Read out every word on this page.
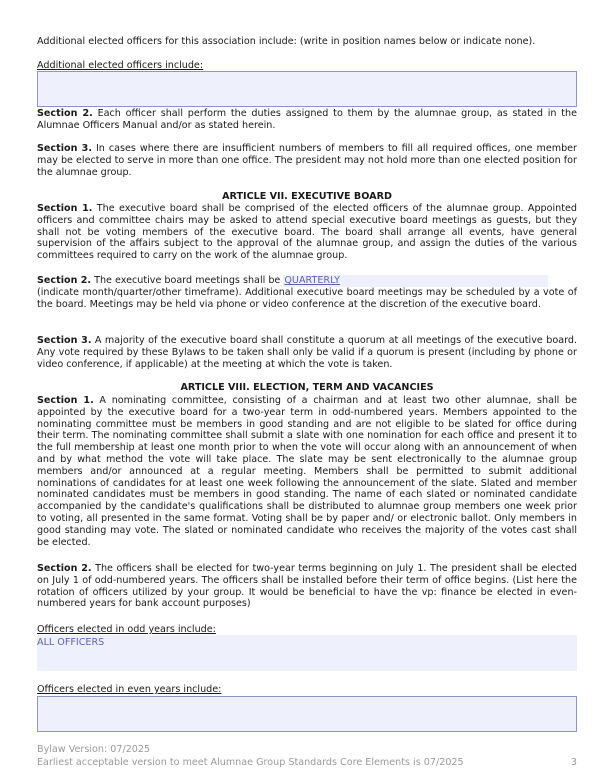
Additional elected officers for this association include: (write in position names below or indicate none).

Additional elected officers include:

Section 2. Each officer shall perform the duties assigned to them by the alumnae group, as stated in the Alumnae Officers Manual and/or as stated herein.

Section 3. In cases where there are insufficient numbers of members to fill all required offices, one member may be elected to serve in more than one office. The president may not hold more than one elected position for the alumnae group.

ARTICLE VII. EXECUTIVE BOARD

Section 1. The executive board shall be comprised of the elected officers of the alumnae group. Appointed officers and committee chairs may be asked to attend special executive board meetings as guests, but they shall not be voting members of the executive board. The board shall arrange all events, have general supervision of the affairs subject to the approval of the alumnae group, and assign the duties of the various committees required to carry on the work of the alumnae group.

Section 2. The executive board meetings shall be QUARTERLY
(indicate month/quarter/other timeframe). Additional executive board meetings may be scheduled by a vote of the board. Meetings may be held via phone or video conference at the discretion of the executive board.

Section 3. A majority of the executive board shall constitute a quorum at all meetings of the executive board. Any vote required by these Bylaws to be taken shall only be valid if a quorum is present (including by phone or video conference, if applicable) at the meeting at which the vote is taken.

ARTICLE VIII. ELECTION, TERM AND VACANCIES

Section 1. A nominating committee, consisting of a chairman and at least two other alumnae, shall be appointed by the executive board for a two-year term in odd-numbered years. Members appointed to the nominating committee must be members in good standing and are not eligible to be slated for office during their term. The nominating committee shall submit a slate with one nomination for each office and present it to the full membership at least one month prior to when the vote will occur along with an announcement of when and by what method the vote will take place. The slate may be sent electronically to the alumnae group members and/or announced at a regular meeting. Members shall be permitted to submit additional nominations of candidates for at least one week following the announcement of the slate. Slated and member nominated candidates must be members in good standing. The name of each slated or nominated candidate accompanied by the candidate's qualifications shall be distributed to alumnae group members one week prior to voting, all presented in the same format. Voting shall be by paper and/ or electronic ballot. Only members in good standing may vote. The slated or nominated candidate who receives the majority of the votes cast shall be elected.

Section 2. The officers shall be elected for two-year terms beginning on July 1. The president shall be elected on July 1 of odd-numbered years. The officers shall be installed before their term of office begins. (List here the rotation of officers utilized by your group. It would be beneficial to have the vp: finance be elected in even-numbered years for bank account purposes)

Officers elected in odd years include:

ALL OFFICERS

Officers elected in even years include:

Bylaw Version: 07/2025
Earliest acceptable version to meet Alumnae Group Standards Core Elements is 07/2025	3
